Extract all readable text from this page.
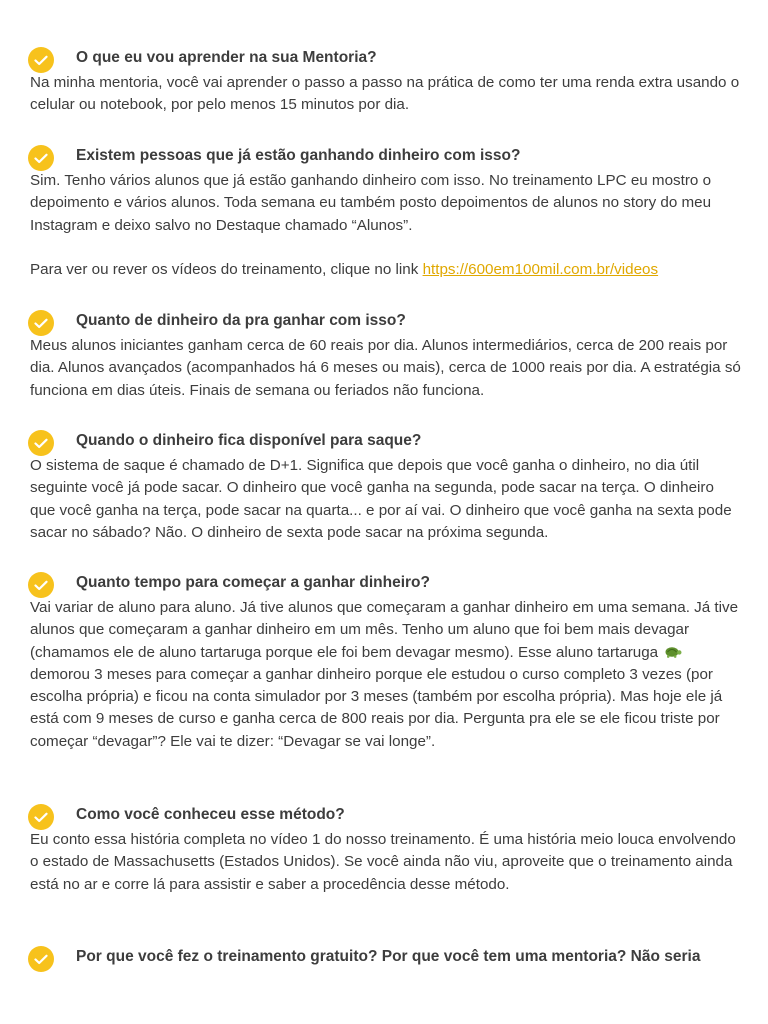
O que eu vou aprender na sua Mentoria?

Na minha mentoria, você vai aprender o passo a passo na prática de como ter uma renda extra usando o celular ou notebook, por pelo menos 15 minutos por dia.

Existem pessoas que já estão ganhando dinheiro com isso?

Sim. Tenho vários alunos que já estão ganhando dinheiro com isso. No treinamento LPC eu mostro o depoimento e vários alunos. Toda semana eu também posto depoimentos de alunos no story do meu Instagram e deixo salvo no Destaque chamado “Alunos”.

Para ver ou rever os vídeos do treinamento, clique no link https://600em100mil.com.br/videos

Quanto de dinheiro da pra ganhar com isso?

Meus alunos iniciantes ganham cerca de 60 reais por dia. Alunos intermediários, cerca de 200 reais por dia. Alunos avançados (acompanhados há 6 meses ou mais), cerca de 1000 reais por dia. A estratégia só funciona em dias úteis. Finais de semana ou feriados não funciona.

Quando o dinheiro fica disponível para saque?

O sistema de saque é chamado de D+1. Significa que depois que você ganha o dinheiro, no dia útil seguinte você já pode sacar. O dinheiro que você ganha na segunda, pode sacar na terça. O dinheiro que você ganha na terça, pode sacar na quarta... e por aí vai. O dinheiro que você ganha na sexta pode sacar no sábado? Não. O dinheiro de sexta pode sacar na próxima segunda.

Quanto tempo para começar a ganhar dinheiro?

Vai variar de aluno para aluno. Já tive alunos que começaram a ganhar dinheiro em uma semana. Já tive alunos que começaram a ganhar dinheiro em um mês. Tenho um aluno que foi bem mais devagar (chamamos ele de aluno tartaruga porque ele foi bem devagar mesmo). Esse aluno tartaruga  demorou 3 meses para começar a ganhar dinheiro porque ele estudou o curso completo 3 vezes (por escolha própria) e ficou na conta simulador por 3 meses (também por escolha própria). Mas hoje ele já está com 9 meses de curso e ganha cerca de 800 reais por dia. Pergunta pra ele se ele ficou triste por começar “devagar”? Ele vai te dizer: “Devagar se vai longe”.

Como você conheceu esse método?

Eu conto essa história completa no vídeo 1 do nosso treinamento. É uma história meio louca envolvendo o estado de Massachusetts (Estados Unidos). Se você ainda não viu, aproveite que o treinamento ainda está no ar e corre lá para assistir e saber a procedência desse método.

Por que você fez o treinamento gratuito? Por que você tem uma mentoria? Não seria
